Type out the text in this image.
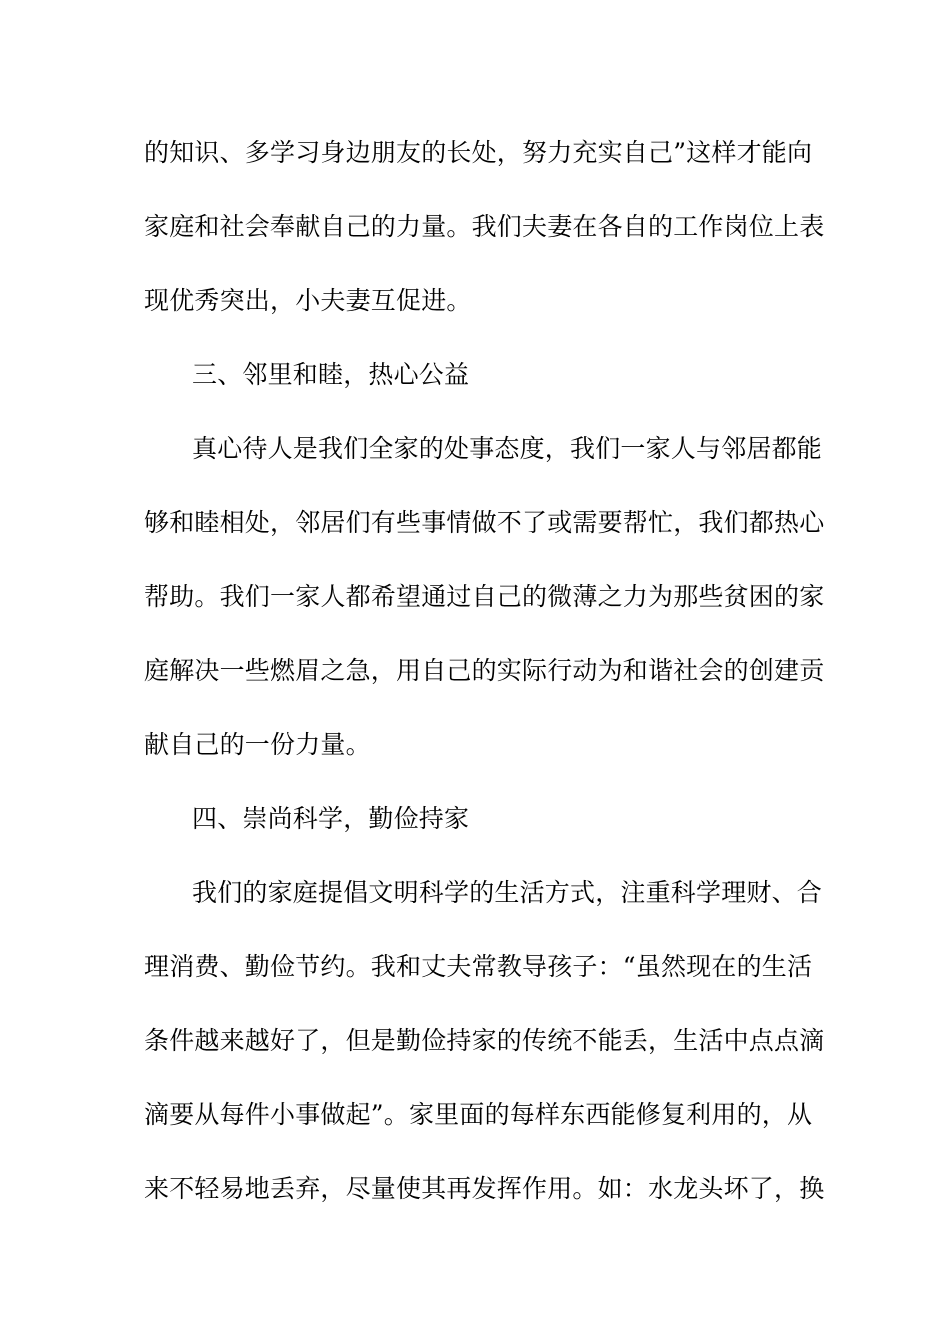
的知识、多学习身边朋友的长处，努力充实自己”这样才能向
家庭和社会奉献自己的力量。我们夫妻在各自的工作岗位上表
现优秀突出，小夫妻互促进。
三、邻里和睦，热心公益
真心待人是我们全家的处事态度，我们一家人与邻居都能
够和睦相处，邻居们有些事情做不了或需要帮忙，我们都热心
帮助。我们一家人都希望通过自己的微薄之力为那些贫困的家
庭解决一些燃眉之急，用自己的实际行动为和谐社会的创建贡
献自己的一份力量。
四、崇尚科学，勤俭持家
我们的家庭提倡文明科学的生活方式，注重科学理财、合
理消费、勤俭节约。我和丈夫常教导孩子：“虽然现在的生活
条件越来越好了，但是勤俭持家的传统不能丢，生活中点点滴
滴要从每件小事做起”。家里面的每样东西能修复利用的，从
来不轻易地丢弃，尽量使其再发挥作用。如：水龙头坏了，换
